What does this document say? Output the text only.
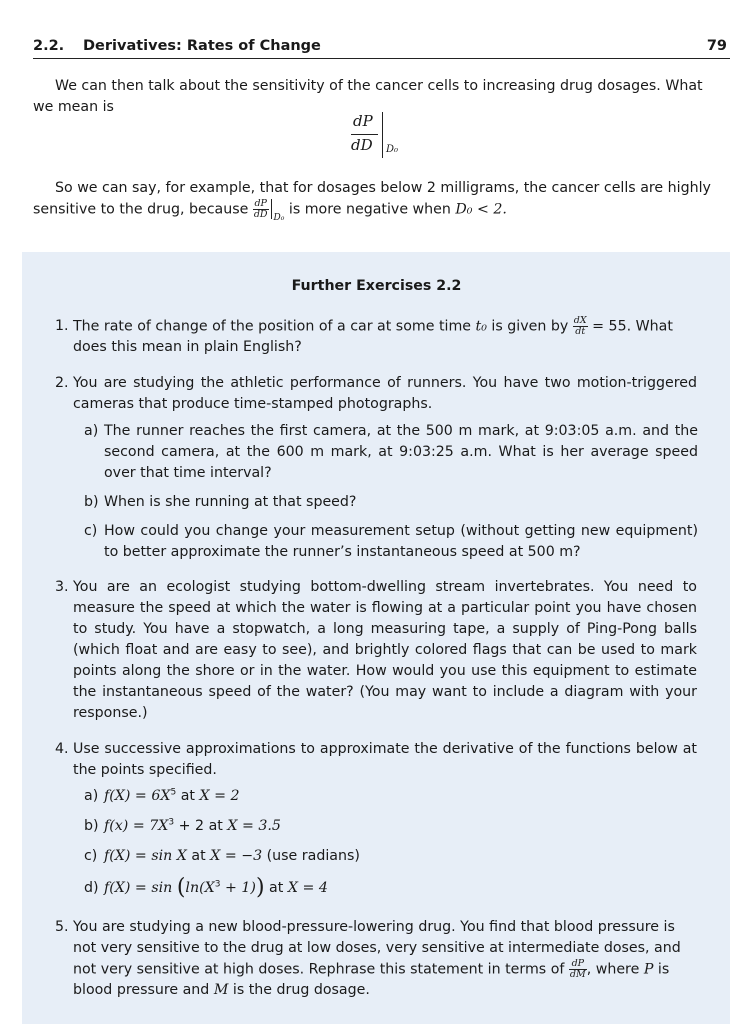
2.2. Derivatives: Rates of Change	79
We can then talk about the sensitivity of the cancer cells to increasing drug dosages. What
we mean is
dP
dD D₀
So we can say, for example, that for dosages below 2 milligrams, the cancer cells are highly
sensitive to the drug, because $\frac{dP}{dD} _{D_0}$ is more negative when D₀ < 2.
Further Exercises 2.2
1. The rate of change of the position of a car at some time t₀ is given by $\frac{dX}{dt} = 55$. What
does this mean in plain English?
2. You are studying the athletic performance of runners. You have two motion-triggered cameras that produce time-stamped photographs.
a) The runner reaches the first camera, at the 500 m mark, at 9:03:05 a.m. and the second camera, at the 600 m mark, at 9:03:25 a.m. What is her average speed over that time interval?
b) When is she running at that speed?
c) How could you change your measurement setup (without getting new equipment) to better approximate the runner’s instantaneous speed at 500 m?
3. You are an ecologist studying bottom-dwelling stream invertebrates. You need to measure the speed at which the water is flowing at a particular point you have chosen to study. You have a stopwatch, a long measuring tape, a supply of Ping-Pong balls (which float and are easy to see), and brightly colored flags that can be used to mark points along the shore or in the water. How would you use this equipment to estimate the instantaneous speed of the water? (You may want to include a diagram with your response.)
4. Use successive approximations to approximate the derivative of the functions below at the points specified.
a) $f(X) = 6X^5$ at X = 2
b) $f(x) = 7X^3 + 2$ at X = 3.5
c) f(X) = sin X at X = −3 (use radians)
d) $f(X) = \sin (\ln(X^3 + 1))$ at X = 4
5. You are studying a new blood-pressure-lowering drug. You find that blood pressure is
not very sensitive to the drug at low doses, very sensitive at intermediate doses, and
not very sensitive at high doses. Rephrase this statement in terms of $\frac{dP}{dM}$ , where P is
blood pressure and M is the drug dosage.
